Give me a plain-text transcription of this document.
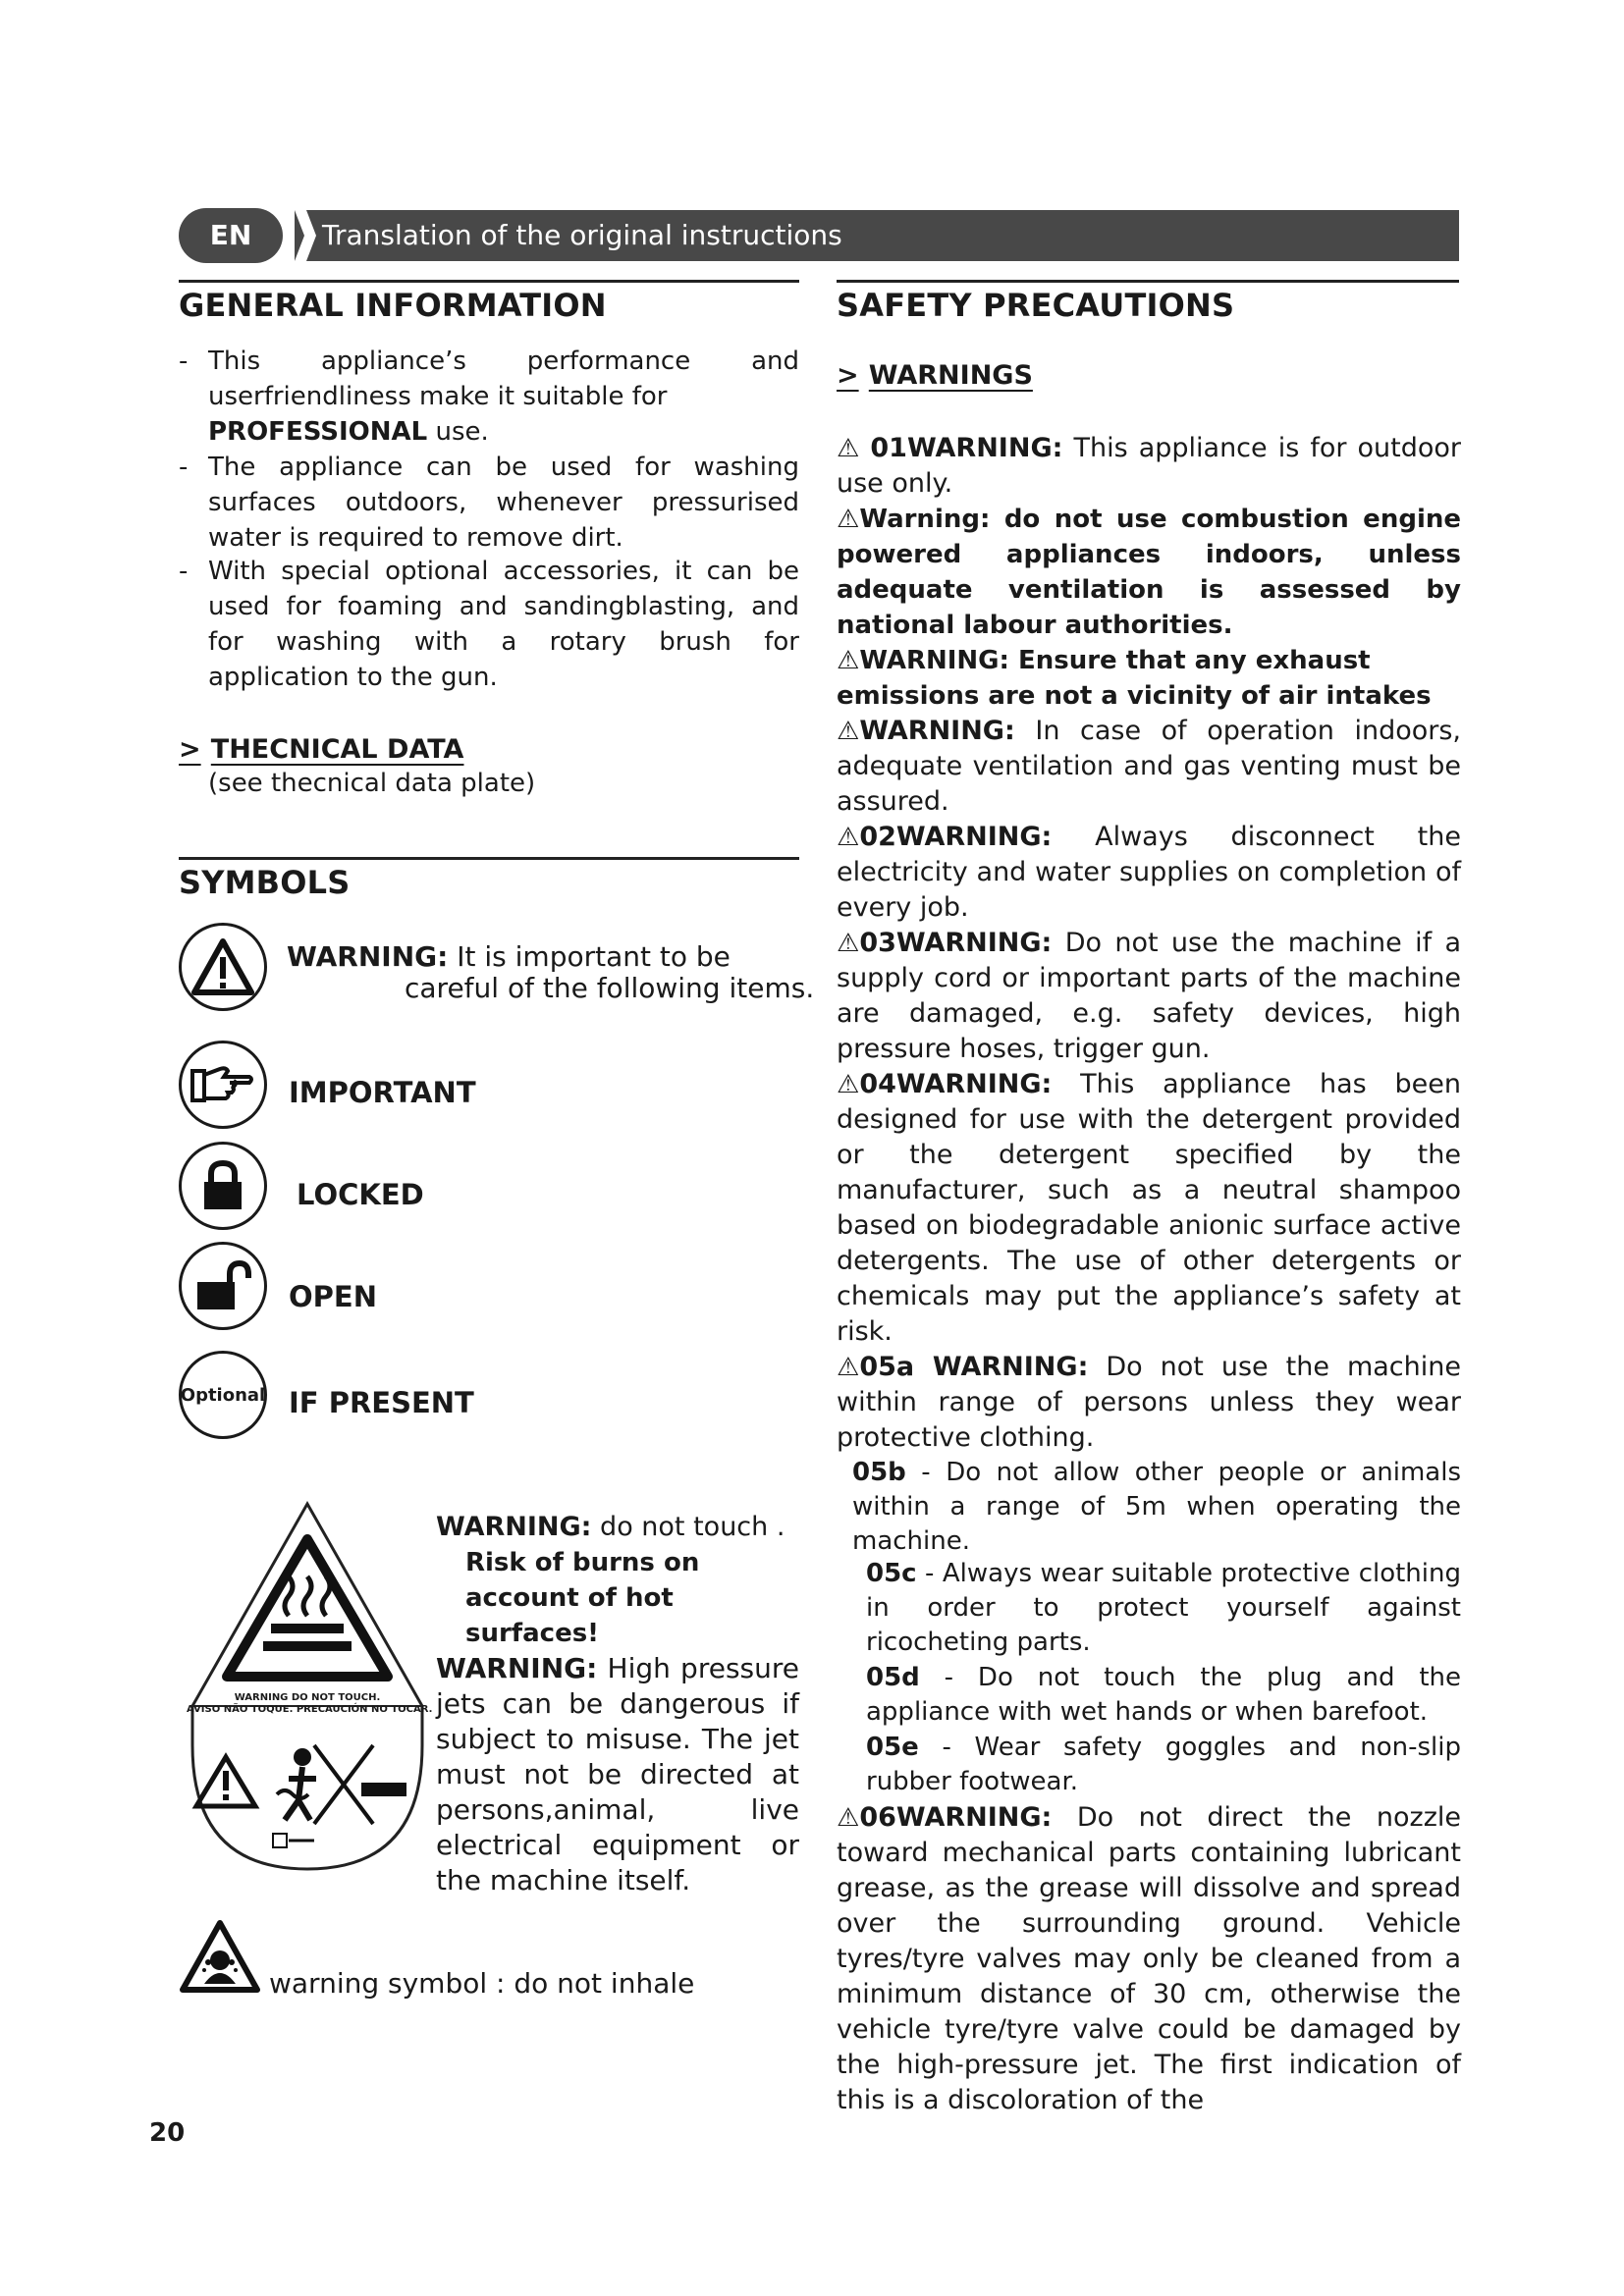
Translation of the original instructions
EN
GENERAL INFORMATION
- This appliance’s performance and userfriendliness make it suitable for
PROFESSIONAL use.
- The appliance can be used for washing surfaces outdoors, whenever pressurised water is required to remove dirt.
- With special optional accessories, it can be used for foaming and sandingblasting, and for washing with a rotary brush for application to the gun.
> THECNICAL DATA
(see thecnical data plate)
SYMBOLS
WARNING: It is important to be
careful of the following items.
IMPORTANT
LOCKED
OPEN
Optional IF PRESENT
WARNING DO NOT TOUCH.
AVISO NÃO TOQUE. PRECAUCIÓN NO TOCAR.
WARNING: do not touch .
Risk of burns on account of hot surfaces!
WARNING: High pressure jets can be dangerous if subject to misuse. The jet must not be directed at persons,animal, live electrical equipment or the machine itself.
warning symbol : do not inhale
SAFETY PRECAUTIONS
> WARNINGS
⚠ 01WARNING: This appliance is for outdoor use only.
⚠Warning: do not use combustion engine powered appliances indoors, unless adequate ventilation is assessed by national labour authorities.
⚠WARNING: Ensure that any exhaust emissions are not a vicinity of air intakes
⚠WARNING: In case of operation indoors, adequate ventilation and gas venting must be assured.
⚠02WARNING: Always disconnect the electricity and water supplies on completion of every job.
⚠03WARNING: Do not use the machine if a supply cord or important parts of the machine are damaged, e.g. safety devices, high pressure hoses, trigger gun.
⚠04WARNING: This appliance has been designed for use with the detergent provided or the detergent specified by the manufacturer, such as a neutral shampoo based on biodegradable anionic surface active detergents. The use of other detergents or chemicals may put the appliance’s safety at risk.
⚠05a WARNING: Do not use the machine within range of persons unless they wear protective clothing.
05b - Do not allow other people or animals within a range of 5m when operating the machine.
05c - Always wear suitable protective clothing in order to protect yourself against ricocheting parts.
05d - Do not touch the plug and the appliance with wet hands or when barefoot.
05e - Wear safety goggles and non-slip rubber footwear.
⚠06WARNING: Do not direct the nozzle toward mechanical parts containing lubricant grease, as the grease will dissolve and spread over the surrounding ground. Vehicle tyres/tyre valves may only be cleaned from a minimum distance of 30 cm, otherwise the vehicle tyre/tyre valve could be damaged by the high-pressure jet. The first indication of this is a discoloration of the
20
